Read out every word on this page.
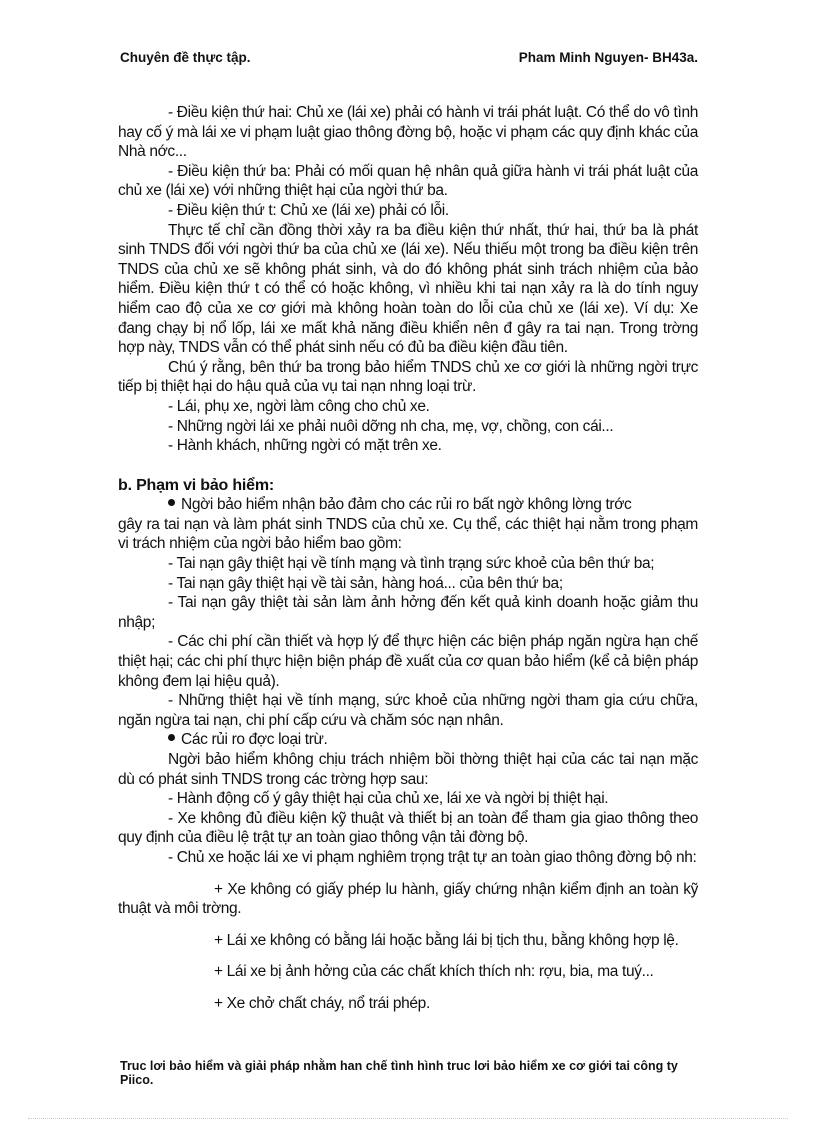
Chuyên đề thực tập.	Pham Minh Nguyen- BH43a.

- Điều kiện thứ hai: Chủ xe (lái xe) phải có hành vi trái phát luật. Có thể do vô tình hay cố ý mà lái xe vi phạm luật giao thông đờng bộ, hoặc vi phạm các quy định khác của Nhà nớc...

- Điều kiện thứ ba: Phải có mối quan hệ nhân quả giữa hành vi trái phát luật của chủ xe (lái xe) với những thiệt hại của ngời thứ ba.

- Điều kiện thứ t: Chủ xe (lái xe) phải có lỗi.

Thực tế chỉ cần đồng thời xảy ra ba điều kiện thứ nhất, thứ hai, thứ ba là phát sinh TNDS đối với ngời thứ ba của chủ xe (lái xe). Nếu thiếu một trong ba điều kiện trên TNDS của chủ xe sẽ không phát sinh, và do đó không phát sinh trách nhiệm của bảo hiểm. Điều kiện thứ t có thể có hoặc không, vì nhiều khi tai nạn xảy ra là do tính nguy hiểm cao độ của xe cơ giới mà không hoàn toàn do lỗi của chủ xe (lái xe). Ví dụ: Xe đang chạy bị nổ lốp, lái xe mất khả năng điều khiển nên đ gây ra tai nạn. Trong trờng hợp này, TNDS vẫn có thể phát sinh nếu có đủ ba điều kiện đầu tiên.

Chú ý rằng, bên thứ ba trong bảo hiểm TNDS chủ xe cơ giới là những ngời trực tiếp bị thiệt hại do hậu quả của vụ tai nạn nhng loại trừ.

- Lái, phụ xe, ngời làm công cho chủ xe.

- Những ngời lái xe phải nuôi dỡng nh cha, mẹ, vợ, chồng, con cái...

- Hành khách, những ngời có mặt trên xe.

b. Phạm vi bảo hiểm:

Ngời bảo hiểm nhận bảo đảm cho các rủi ro bất ngờ không lờng trớc

gây ra tai nạn và làm phát sinh TNDS của chủ xe. Cụ thể, các thiệt hại nằm trong phạm vi trách nhiệm của ngời bảo hiểm bao gồm:

- Tai nạn gây thiệt hại về tính mạng và tình trạng sức khoẻ của bên thứ ba;

- Tai nạn gây thiệt hại về tài sản, hàng hoá... của bên thứ ba;

- Tai nạn gây thiệt tài sản làm ảnh hởng đến kết quả kinh doanh hoặc giảm thu nhập;

- Các chi phí cần thiết và hợp lý để thực hiện các biện pháp ngăn ngừa hạn chế thiệt hại; các chi phí thực hiện biện pháp đề xuất của cơ quan bảo hiểm (kể cả biện pháp không đem lại hiệu quả).

- Những thiệt hại về tính mạng, sức khoẻ của những ngời tham gia cứu chữa, ngăn ngừa tai nạn, chi phí cấp cứu và chăm sóc nạn nhân.

Các rủi ro đợc loại trừ.

Ngời bảo hiểm không chịu trách nhiệm bồi thờng thiệt hại của các tai nạn mặc dù có phát sinh TNDS trong các trờng hợp sau:

- Hành động cố ý gây thiệt hại của chủ xe, lái xe và ngời bị thiệt hại.

- Xe không đủ điều kiện kỹ thuật và thiết bị an toàn để tham gia giao thông theo quy định của điều lệ trật tự an toàn giao thông vận tải đờng bộ.

- Chủ xe hoặc lái xe vi phạm nghiêm trọng trật tự an toàn giao thông đờng bộ nh:

+ Xe không có giấy phép lu hành, giấy chứng nhận kiểm định an toàn kỹ thuật và môi trờng.

+ Lái xe không có bằng lái hoặc bằng lái bị tịch thu, bằng không hợp lệ.

+ Lái xe bị ảnh hởng của các chất khích thích nh: rợu, bia, ma tuý...

+ Xe chở chất cháy, nổ trái phép.

Truc lơi bảo hiểm và giải pháp nhằm han chế tình hình truc lơi bảo hiểm xe cơ giới tai công ty Piico.
